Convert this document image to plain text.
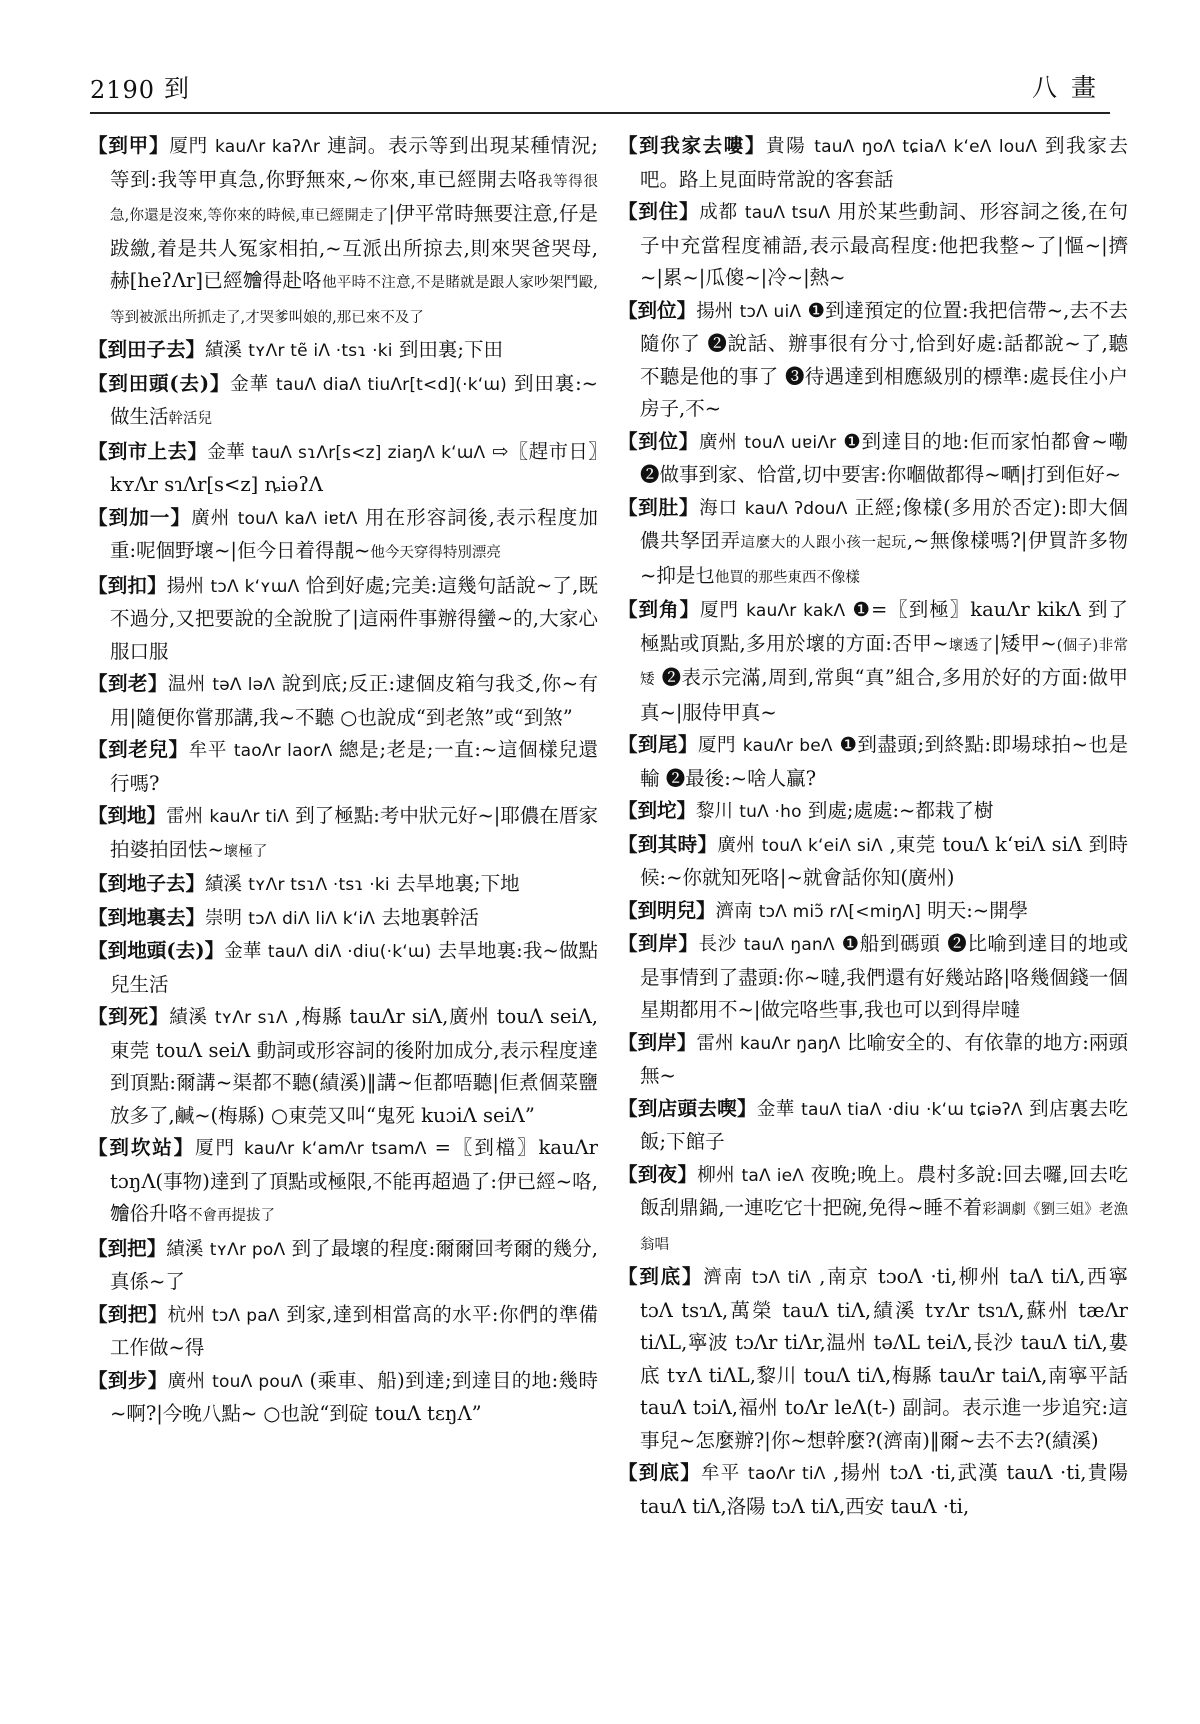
2190 到	八畫

【到甲】厦門 kauɅr kaʔɅr 連詞。表示等到出現某種情況;等到:我等甲真急,你野無來,~你來,車已經開去咯我等得很急,你還是沒來,等你來的時候,車已經開走了|伊平常時無要注意,仔是跋繳,着是共人冤家相拍,~互派出所掠去,則來哭爸哭母,赫[heʔɅr]已經𣍐得赴咯他平時不注意,不是賭就是跟人家吵架鬥毆,等到被派出所抓走了,才哭爹叫娘的,那已來不及了

【到田子去】績溪 tʏɅr tẽ iɅ ·tsɿ ·ki 到田裏;下田

【到田頭(去)】金華 tauɅ diaɅ tiuɅr[t<d](·kʻɯ) 到田裏:~做生活幹活兒

【到市上去】金華 tauɅ sɿɅr[s<z] ziaŋɅ kʻɯɅ ⇨〖趕市日〗kʏɅr sɿɅr[s<z] ȵiəʔɅ

【到加一】廣州 touɅ kaɅ iɐtɅ 用在形容詞後,表示程度加重:呢個野壞~|佢今日着得靚~他今天穿得特別漂亮

【到扣】揚州 tɔɅ kʻʏɯɅ 恰到好處;完美:這幾句話說~了,既不過分,又把要說的全說脫了|這兩件事辦得蠻~的,大家心服口服

【到老】温州 təɅ ləɅ 說到底;反正:逮個皮箱勻我爻,你~有用|隨便你嘗那講,我~不聽 ○也說成“到老煞”或“到煞”

【到老兒】牟平 taoɅr laorɅ 總是;老是;一直:~這個樣兒還行嗎?

【到地】雷州 kauɅr tiɅ 到了極點:考中狀元好~|耶儂在厝家拍婆拍囝怯~壞極了

【到地子去】績溪 tʏɅr tsɿɅ ·tsɿ ·ki 去旱地裏;下地

【到地裏去】崇明 tɔɅ diɅ liɅ kʻiɅ 去地裏幹活

【到地頭(去)】金華 tauɅ diɅ ·diu(·kʻɯ) 去旱地裏:我~做點兒生活

【到死】績溪 tʏɅr sɿɅ ,梅縣 tauɅr siɅ,廣州 touɅ seiɅ,東莞 touɅ seiɅ 動詞或形容詞的後附加成分,表示程度達到頂點:爾講~渠都不聽(績溪)‖講~佢都唔聽|佢煮個菜鹽放多了,鹹~(梅縣) ○東莞又叫“鬼死 kuɔiɅ seiɅ”

【到坎站】厦門 kauɅr kʻamɅr tsamɅ =〖到檔〗kauɅr tɔŋɅ(事物)達到了頂點或極限,不能再超過了:伊已經~咯,𣍐俗升咯不會再提拔了

【到把】績溪 tʏɅr poɅ 到了最壞的程度:爾爾回考爾的幾分,真係~了

【到把】杭州 tɔɅ paɅ 到家,達到相當高的水平:你們的準備工作做~得

【到步】廣州 touɅ pouɅ (乘車、船)到達;到達目的地:幾時~啊?|今晚八點~ ○也說“到碇 touɅ tɛŋɅ”

【到我家去嘍】貴陽 tauɅ ŋoɅ tɕiaɅ kʻeɅ louɅ 到我家去吧。路上見面時常說的客套話

【到住】成都 tauɅ tsuɅ 用於某些動詞、形容詞之後,在句子中充當程度補語,表示最高程度:他把我整~了|慪~|擠~|累~|瓜傻~|冷~|熱~

【到位】揚州 tɔɅ uiɅ ❶到達預定的位置:我把信帶~,去不去隨你了 ❷說話、辦事很有分寸,恰到好處:話都說~了,聽不聽是他的事了 ❸待遇達到相應級別的標準:處長住小户房子,不~

【到位】廣州 touɅ uɐiɅr ❶到達目的地:佢而家怕都會~嘞 ❷做事到家、恰當,切中要害:你嗰做都得~嗮|打到佢好~

【到肚】海口 kauɅ ʔdouɅ 正經;像樣(多用於否定):即大個儂共孥囝弄這麼大的人跟小孩一起玩,~無像樣嗎?|伊買許多物~抑是乜他買的那些東西不像樣

【到角】厦門 kauɅr kakɅ ❶=〖到極〗kauɅr kikɅ 到了極點或頂點,多用於壞的方面:否甲~壞透了|矮甲~(個子)非常矮 ❷表示完滿,周到,常與“真”組合,多用於好的方面:做甲真~|服侍甲真~

【到尾】厦門 kauɅr beɅ ❶到盡頭;到終點:即場球拍~也是輸 ❷最後:~啥人贏?

【到坨】黎川 tuɅ ·ho 到處;處處:~都栽了樹

【到其時】廣州 touɅ kʻeiɅ siɅ ,東莞 touɅ kʻɐiɅ siɅ 到時候:~你就知死咯|~就會話你知(廣州)

【到明兒】濟南 tɔɅ miɔ̃ rɅ[<miŋɅ] 明天:~開學

【到岸】長沙 tauɅ ŋanɅ ❶船到碼頭 ❷比喻到達目的地或是事情到了盡頭:你~噠,我們還有好幾站路|咯幾個錢一個星期都用不~|做完咯些事,我也可以到得岸噠

【到岸】雷州 kauɅr ŋaŋɅ 比喻安全的、有依靠的地方:兩頭無~

【到店頭去喫】金華 tauɅ tiaɅ ·diu ·kʻɯ tɕiəʔɅ 到店裏去吃飯;下館子

【到夜】柳州 taɅ ieɅ 夜晚;晚上。農村多說:回去囉,回去吃飯刮鼎鍋,一連吃它十把碗,免得~睡不着彩調劇《劉三姐》老漁翁唱

【到底】濟南 tɔɅ tiɅ ,南京 tɔoɅ ·ti,柳州 taɅ tiɅ,西寧 tɔɅ tsɿɅ,萬榮 tauɅ tiɅ,績溪 tʏɅr tsɿɅ,蘇州 tæɅr tiɅL,寧波 tɔɅr tiɅr,温州 təɅL teiɅ,長沙 tauɅ tiɅ,婁底 tʏɅ tiɅL,黎川 touɅ tiɅ,梅縣 tauɅr taiɅ,南寧平話 tauɅ tɔiɅ,福州 toɅr leɅ(t-) 副詞。表示進一步追究:這事兒~怎麼辦?|你~想幹麼?(濟南)‖爾~去不去?(績溪)

【到底】牟平 taoɅr tiɅ ,揚州 tɔɅ ·ti,武漢 tauɅ ·ti,貴陽 tauɅ tiɅ,洛陽 tɔɅ tiɅ,西安 tauɅ ·ti,
